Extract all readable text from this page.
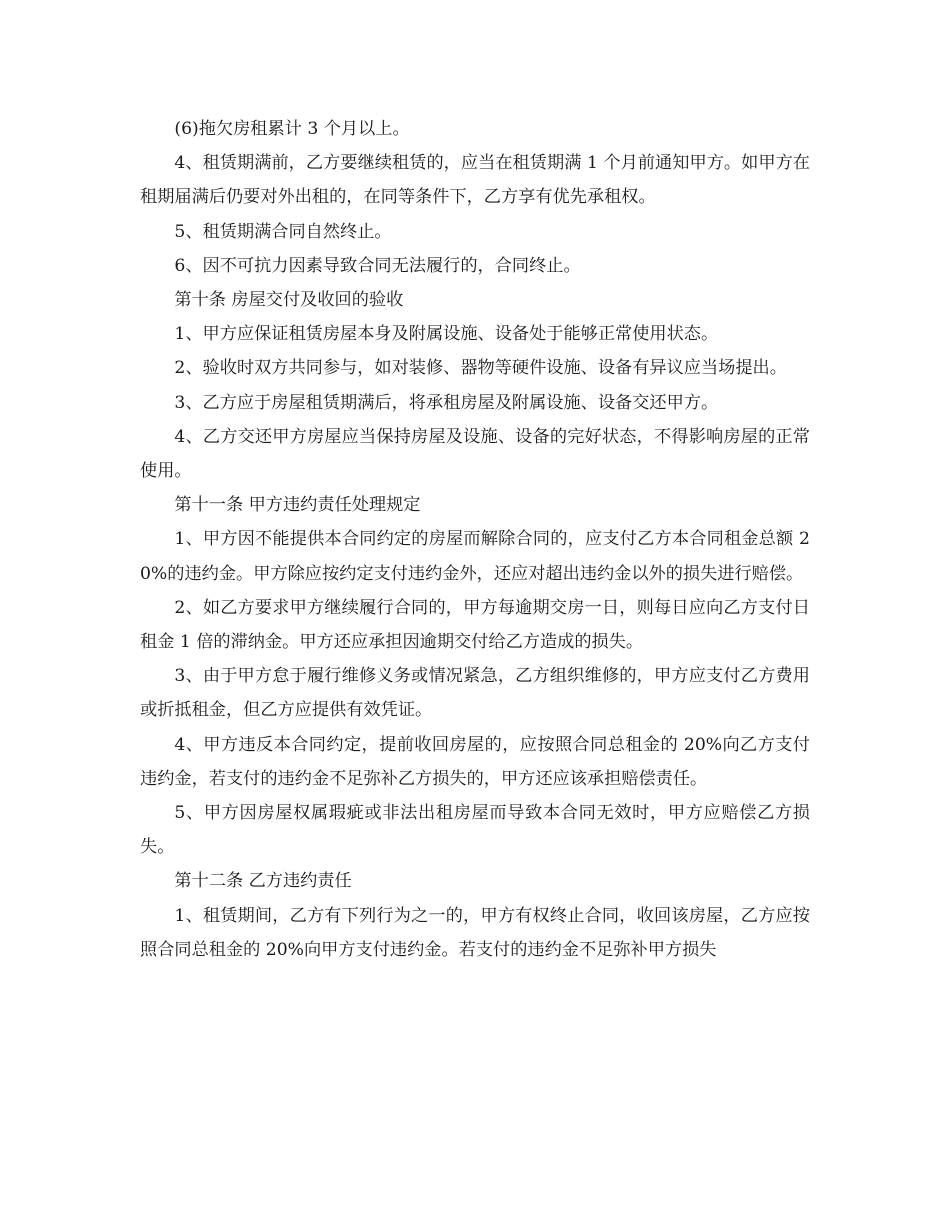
(6)拖欠房租累计 3 个月以上。

4、租赁期满前，乙方要继续租赁的，应当在租赁期满 1 个月前通知甲方。如甲方在租期届满后仍要对外出租的，在同等条件下，乙方享有优先承租权。

5、租赁期满合同自然终止。

6、因不可抗力因素导致合同无法履行的，合同终止。

第十条 房屋交付及收回的验收

1、甲方应保证租赁房屋本身及附属设施、设备处于能够正常使用状态。

2、验收时双方共同参与，如对装修、器物等硬件设施、设备有异议应当场提出。

3、乙方应于房屋租赁期满后，将承租房屋及附属设施、设备交还甲方。

4、乙方交还甲方房屋应当保持房屋及设施、设备的完好状态，不得影响房屋的正常使用。

第十一条 甲方违约责任处理规定

1、甲方因不能提供本合同约定的房屋而解除合同的，应支付乙方本合同租金总额 20%的违约金。甲方除应按约定支付违约金外，还应对超出违约金以外的损失进行赔偿。

2、如乙方要求甲方继续履行合同的，甲方每逾期交房一日，则每日应向乙方支付日租金 1 倍的滞纳金。甲方还应承担因逾期交付给乙方造成的损失。

3、由于甲方怠于履行维修义务或情况紧急，乙方组织维修的，甲方应支付乙方费用或折抵租金，但乙方应提供有效凭证。

4、甲方违反本合同约定，提前收回房屋的，应按照合同总租金的 20%向乙方支付违约金，若支付的违约金不足弥补乙方损失的，甲方还应该承担赔偿责任。

5、甲方因房屋权属瑕疵或非法出租房屋而导致本合同无效时，甲方应赔偿乙方损失。

第十二条 乙方违约责任

1、租赁期间，乙方有下列行为之一的，甲方有权终止合同，收回该房屋，乙方应按照合同总租金的 20%向甲方支付违约金。若支付的违约金不足弥补甲方损失
